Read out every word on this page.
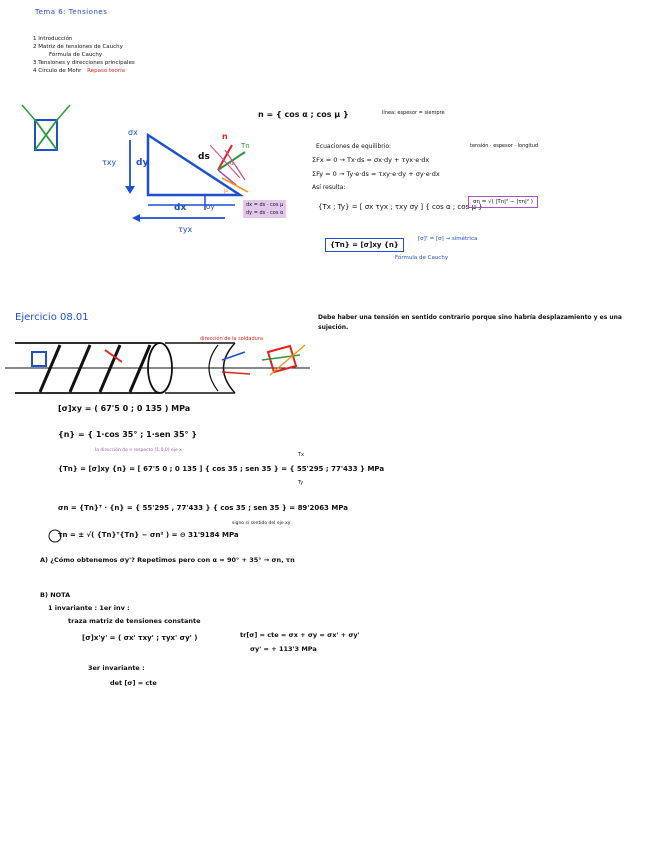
Tema 6: Tensiones
1 Introducción
2 Matriz de tensiones de Cauchy
Fórmula de Cauchy
3 Tensiones y direcciones principales
4 Círculo de Mohr Repaso teoría
n = { cos α ; cos µ }	línea: espesor = siempre
τxy
σx
dy
ds
dx	σy
τyx
n
Tn
α
µ
dx = ds · cos µ
dy = ds · cos α
Ecuaciones de equilibrio:	tensión · espesor · longitud
ΣFx = 0 → Tx·ds = σx·dy + τyx·e·dx
ΣFy = 0 → Ty·e·ds = τxy·e·dy + σy·e·dx
Así resulta:
{Tx ; Ty} = [ σx τyx ; τxy σy ] { cos α ; cos µ }
σn = √( |Tn|² − |τn|² )
{Tn} = [σ]xy {n}
[σ]ᵀ = [σ] → simétrica
Fórmula de Cauchy
Ejercicio 08.01	Debe haber una tensión en sentido contrario porque sino habría desplazamiento y es una sujeción.
dirección de la soldadura
[σ]xy = ( 67'5 0 ; 0 135 ) MPa
{n} = { 1·cos 35° ; 1·sen 35° }
la dirección de n respecto (1,0,0) eje x
Tx
{Tn} = [σ]xy {n} = [ 67'5 0 ; 0 135 ] { cos 35 ; sen 35 } = { 55'295 ; 77'433 } MPa
Ty
σn = {Tn}ᵀ · {n} = { 55'295 , 77'433 } { cos 35 ; sen 35 } = 89'2063 MPa
signo si sentido del eje xy
τn = ± √( {Tn}ᵀ{Tn} − σn² ) = ⊖ 31'9184 MPa
A) ¿Cómo obtenemos σy'? Repetimos pero con α = 90° + 35° → σn, τn
B) NOTA
1 invariante : 1er inv :
traza matriz de tensiones constante
[σ]x'y' = ( σx' τxy' ; τyx' σy' )	tr[σ] = cte = σx + σy = σx' + σy'
σy' = + 113'3 MPa
3er invariante :
det [σ] = cte
